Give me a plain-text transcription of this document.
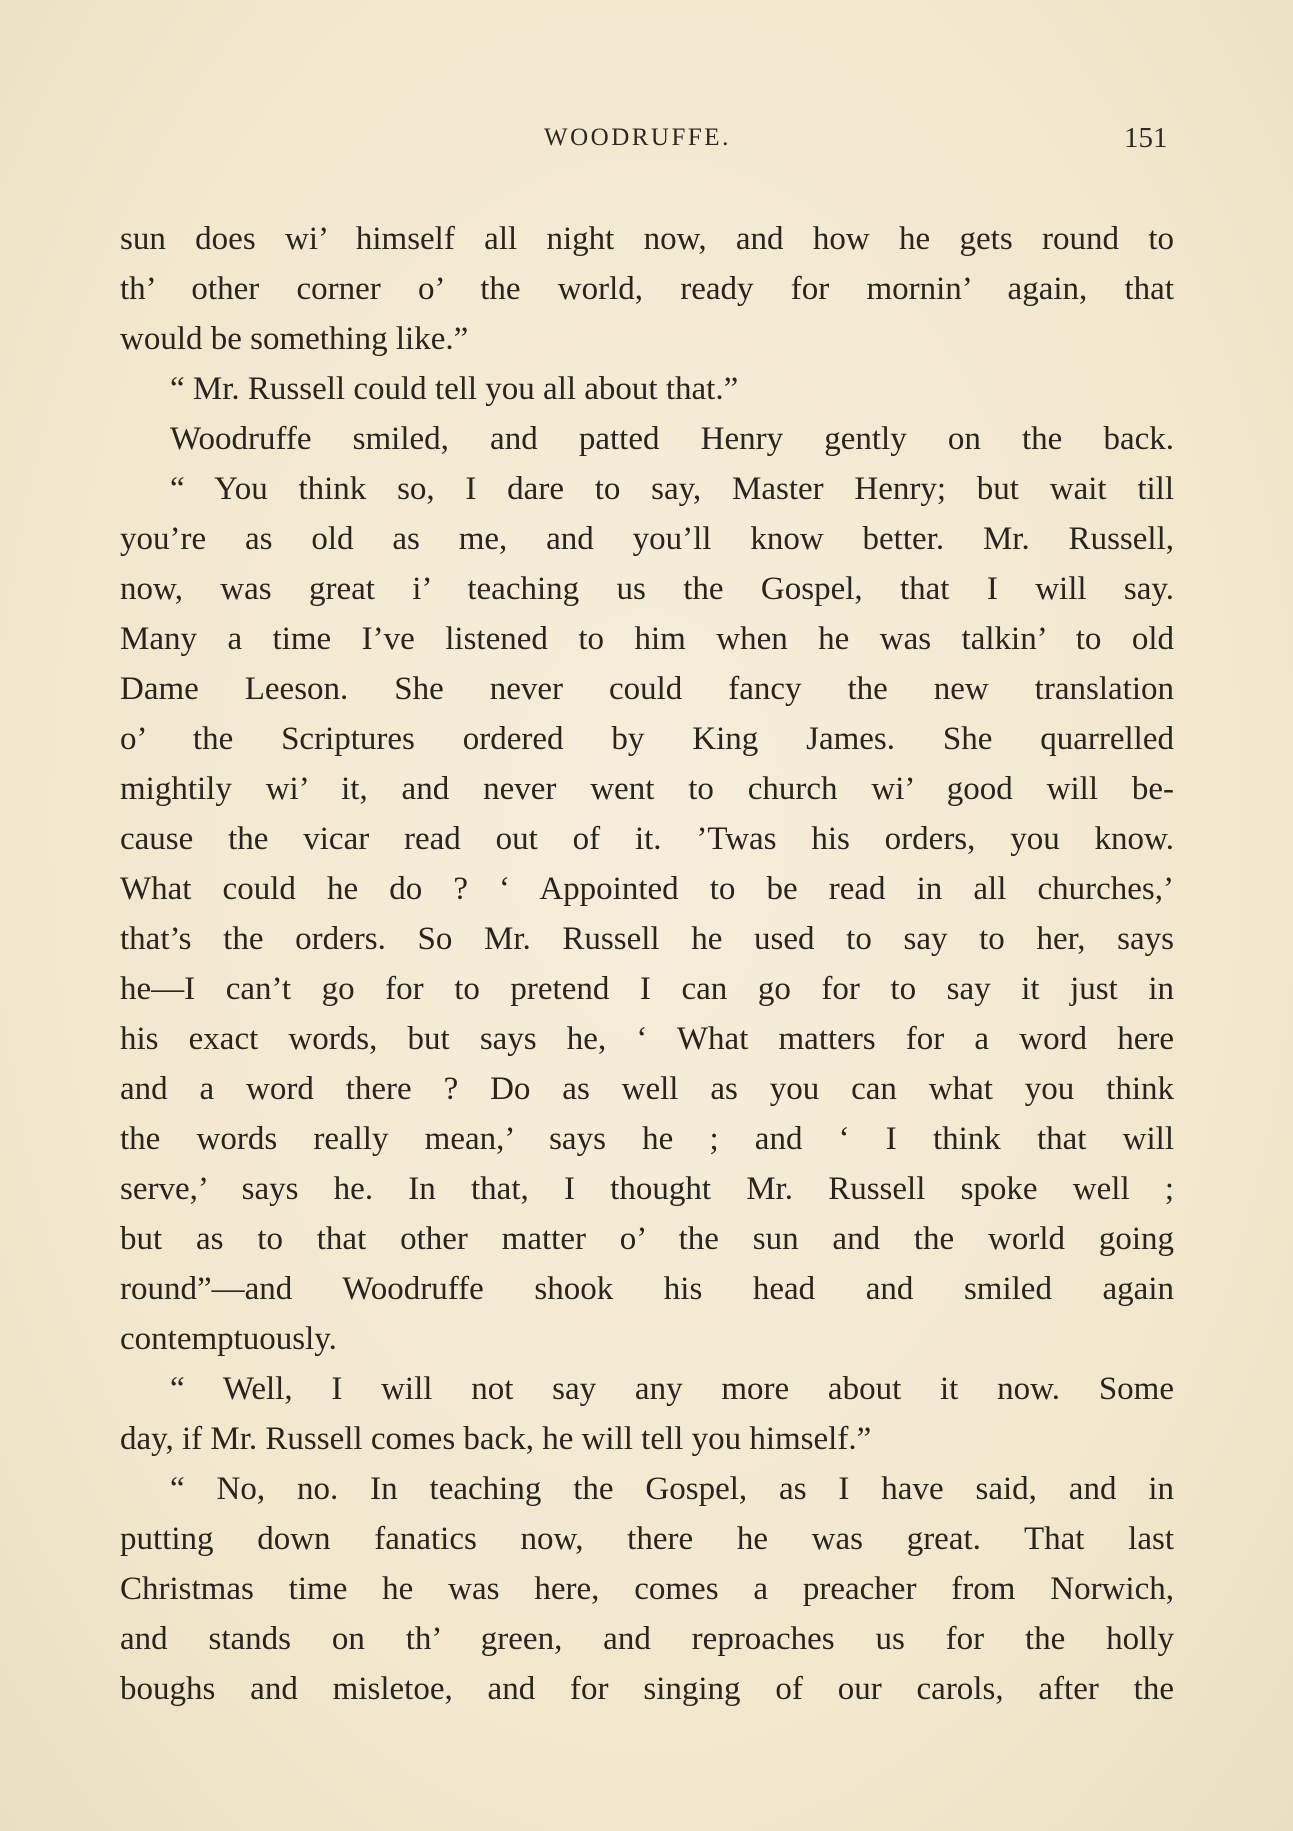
WOODRUFFE.	151
sun does wi’ himself all night now, and how he gets round to
th’ other corner o’ the world, ready for mornin’ again, that
would be something like.”
“ Mr. Russell could tell you all about that.”
Woodruffe smiled, and patted Henry gently on the back.
“ You think so, I dare to say, Master Henry; but wait till
you’re as old as me, and you’ll know better. Mr. Russell,
now, was great i’ teaching us the Gospel, that I will say.
Many a time I’ve listened to him when he was talkin’ to old
Dame Leeson. She never could fancy the new translation
o’ the Scriptures ordered by King James. She quarrelled
mightily wi’ it, and never went to church wi’ good will be-
cause the vicar read out of it. ’Twas his orders, you know.
What could he do ? ‘ Appointed to be read in all churches,’
that’s the orders. So Mr. Russell he used to say to her, says
he—I can’t go for to pretend I can go for to say it just in
his exact words, but says he, ‘ What matters for a word here
and a word there ? Do as well as you can what you think
the words really mean,’ says he ; and ‘ I think that will
serve,’ says he. In that, I thought Mr. Russell spoke well ;
but as to that other matter o’ the sun and the world going
round”—and Woodruffe shook his head and smiled again
contemptuously.
“ Well, I will not say any more about it now. Some
day, if Mr. Russell comes back, he will tell you himself.”
“ No, no. In teaching the Gospel, as I have said, and in
putting down fanatics now, there he was great. That last
Christmas time he was here, comes a preacher from Norwich,
and stands on th’ green, and reproaches us for the holly
boughs and misletoe, and for singing of our carols, after the
